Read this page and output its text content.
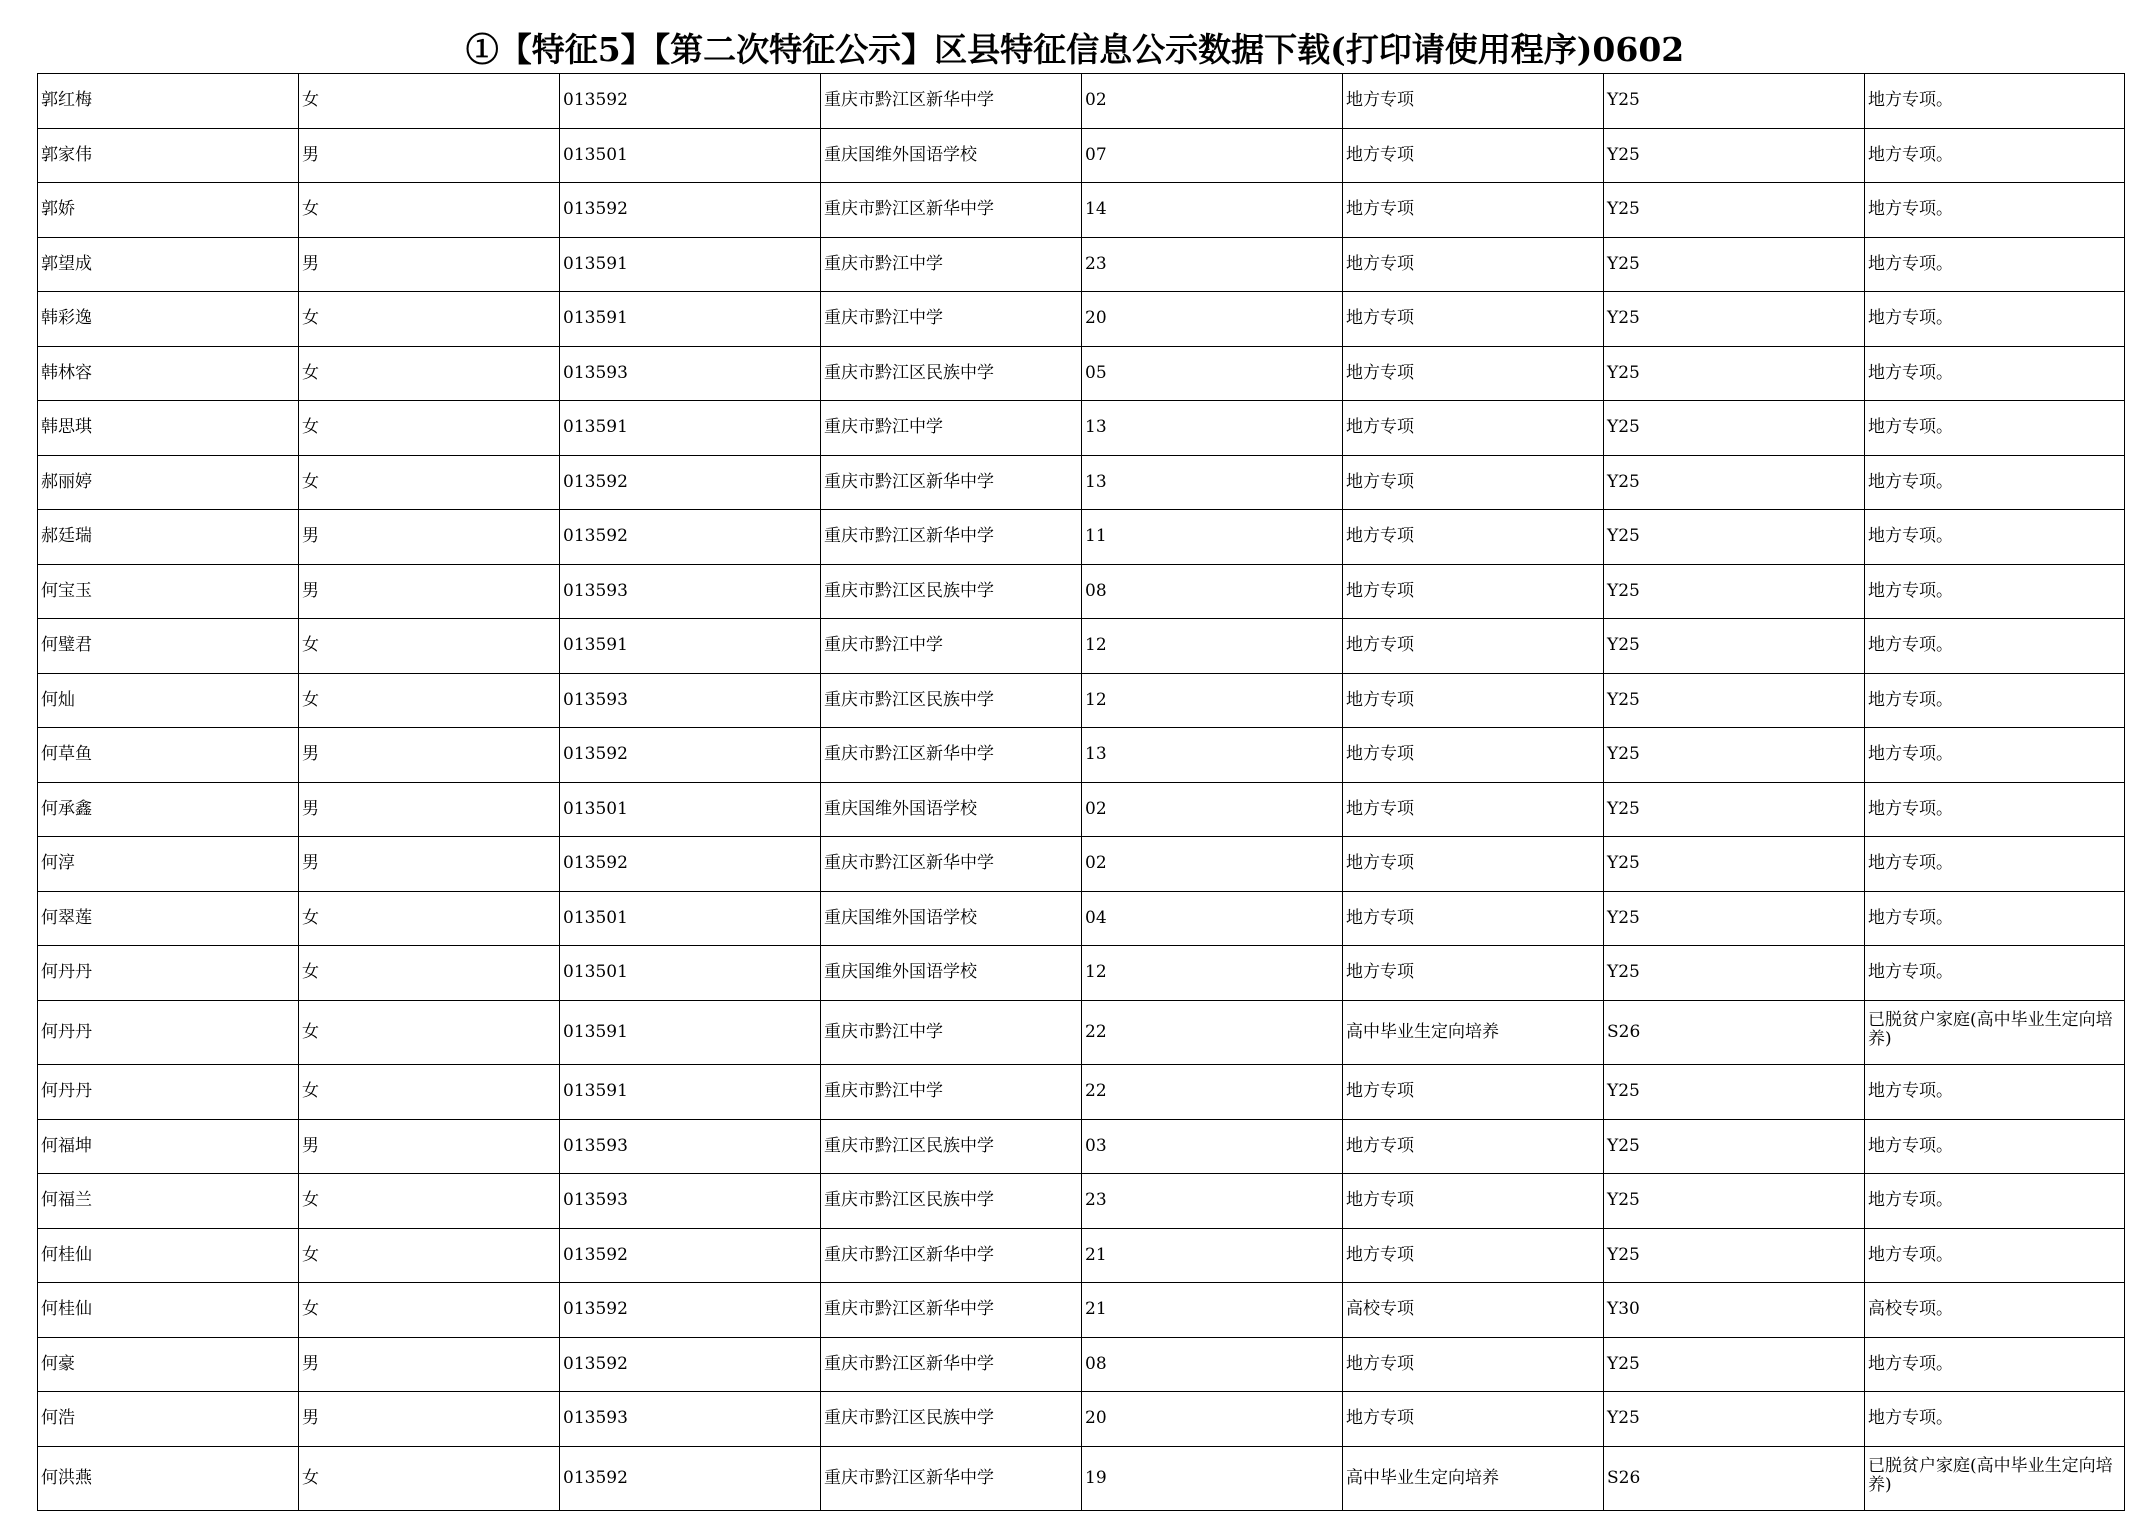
①【特征5】【第二次特征公示】区县特征信息公示数据下载(打印请使用程序)0602
郭红梅	女	013592	重庆市黔江区新华中学	02	地方专项	Y25	地方专项。
郭家伟	男	013501	重庆国维外国语学校	07	地方专项	Y25	地方专项。
郭娇	女	013592	重庆市黔江区新华中学	14	地方专项	Y25	地方专项。
郭望成	男	013591	重庆市黔江中学	23	地方专项	Y25	地方专项。
韩彩逸	女	013591	重庆市黔江中学	20	地方专项	Y25	地方专项。
韩林容	女	013593	重庆市黔江区民族中学	05	地方专项	Y25	地方专项。
韩思琪	女	013591	重庆市黔江中学	13	地方专项	Y25	地方专项。
郝丽婷	女	013592	重庆市黔江区新华中学	13	地方专项	Y25	地方专项。
郝廷瑞	男	013592	重庆市黔江区新华中学	11	地方专项	Y25	地方专项。
何宝玉	男	013593	重庆市黔江区民族中学	08	地方专项	Y25	地方专项。
何璧君	女	013591	重庆市黔江中学	12	地方专项	Y25	地方专项。
何灿	女	013593	重庆市黔江区民族中学	12	地方专项	Y25	地方专项。
何草鱼	男	013592	重庆市黔江区新华中学	13	地方专项	Y25	地方专项。
何承鑫	男	013501	重庆国维外国语学校	02	地方专项	Y25	地方专项。
何淳	男	013592	重庆市黔江区新华中学	02	地方专项	Y25	地方专项。
何翠莲	女	013501	重庆国维外国语学校	04	地方专项	Y25	地方专项。
何丹丹	女	013501	重庆国维外国语学校	12	地方专项	Y25	地方专项。
何丹丹	女	013591	重庆市黔江中学	22	高中毕业生定向培养	S26	已脱贫户家庭(高中毕业生定向培养)
何丹丹	女	013591	重庆市黔江中学	22	地方专项	Y25	地方专项。
何福坤	男	013593	重庆市黔江区民族中学	03	地方专项	Y25	地方专项。
何福兰	女	013593	重庆市黔江区民族中学	23	地方专项	Y25	地方专项。
何桂仙	女	013592	重庆市黔江区新华中学	21	地方专项	Y25	地方专项。
何桂仙	女	013592	重庆市黔江区新华中学	21	高校专项	Y30	高校专项。
何豪	男	013592	重庆市黔江区新华中学	08	地方专项	Y25	地方专项。
何浩	男	013593	重庆市黔江区民族中学	20	地方专项	Y25	地方专项。
何洪燕	女	013592	重庆市黔江区新华中学	19	高中毕业生定向培养	S26	已脱贫户家庭(高中毕业生定向培养)
